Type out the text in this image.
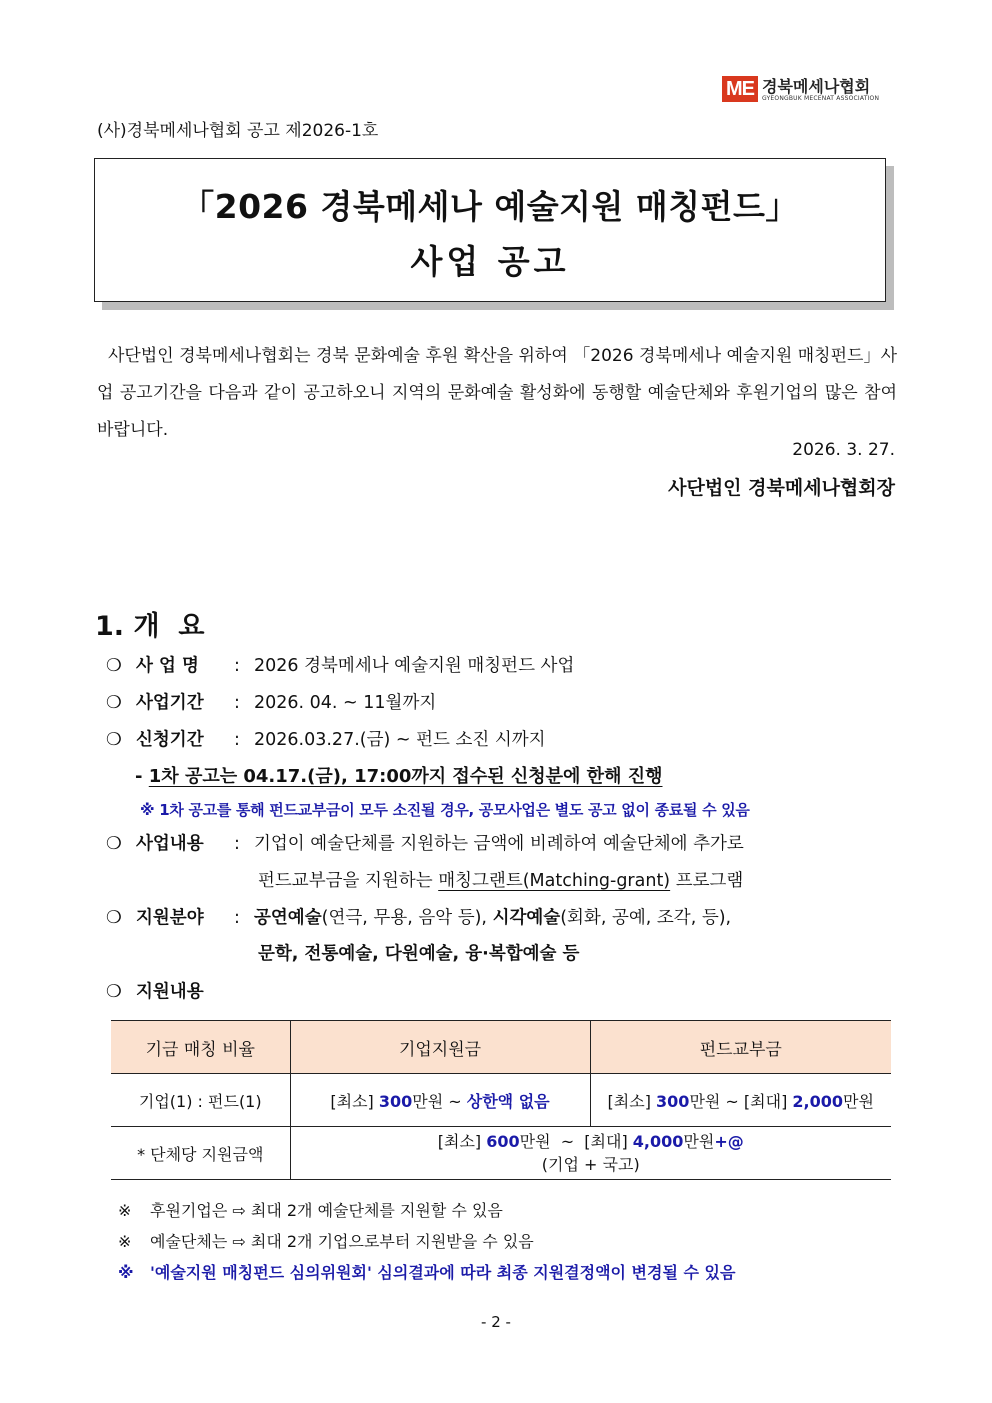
ME 경북메세나협회
GYEONGBUK MECENAT ASSOCIATION
(사)경북메세나협회 공고 제2026-1호
「2026 경북메세나 예술지원 매칭펀드」
사업 공고
사단법인 경북메세나협회는 경북 문화예술 후원 확산을 위하여 「2026 경북메세나 예술지원 매칭펀드」사업 공고기간을 다음과 같이 공고하오니 지역의 문화예술 활성화에 동행할 예술단체와 후원기업의 많은 참여 바랍니다.
2026. 3. 27.
사단법인 경북메세나협회장
1. 개  요
❍ 사 업 명 : 2026 경북메세나 예술지원 매칭펀드 사업
❍ 사업기간 : 2026. 04. ~ 11월까지
❍ 신청기간 : 2026.03.27.(금) ~ 펀드 소진 시까지
- 1차 공고는 04.17.(금), 17:00까지 접수된 신청분에 한해 진행
※ 1차 공고를 통해 펀드교부금이 모두 소진될 경우, 공모사업은 별도 공고 없이 종료될 수 있음
❍ 사업내용 : 기업이 예술단체를 지원하는 금액에 비례하여 예술단체에 추가로
펀드교부금을 지원하는 매칭그랜트(Matching-grant) 프로그램
❍ 지원분야 : 공연예술(연극, 무용, 음악 등), 시각예술(회화, 공예, 조각, 등),
문학, 전통예술, 다원예술, 융·복합예술 등
❍ 지원내용
기금 매칭 비율	기업지원금	펀드교부금
기업(1) : 펀드(1)	[최소] 300만원 ~ 상한액 없음	[최소] 300만원 ~ [최대] 2,000만원
* 단체당 지원금액	[최소] 600만원  ~  [최대] 4,000만원+@
(기업 + 국고)	
※ 후원기업은 ⇨ 최대 2개 예술단체를 지원할 수 있음
※ 예술단체는 ⇨ 최대 2개 기업으로부터 지원받을 수 있음
※ '예술지원 매칭펀드 심의위원회' 심의결과에 따라 최종 지원결정액이 변경될 수 있음
- 2 -
